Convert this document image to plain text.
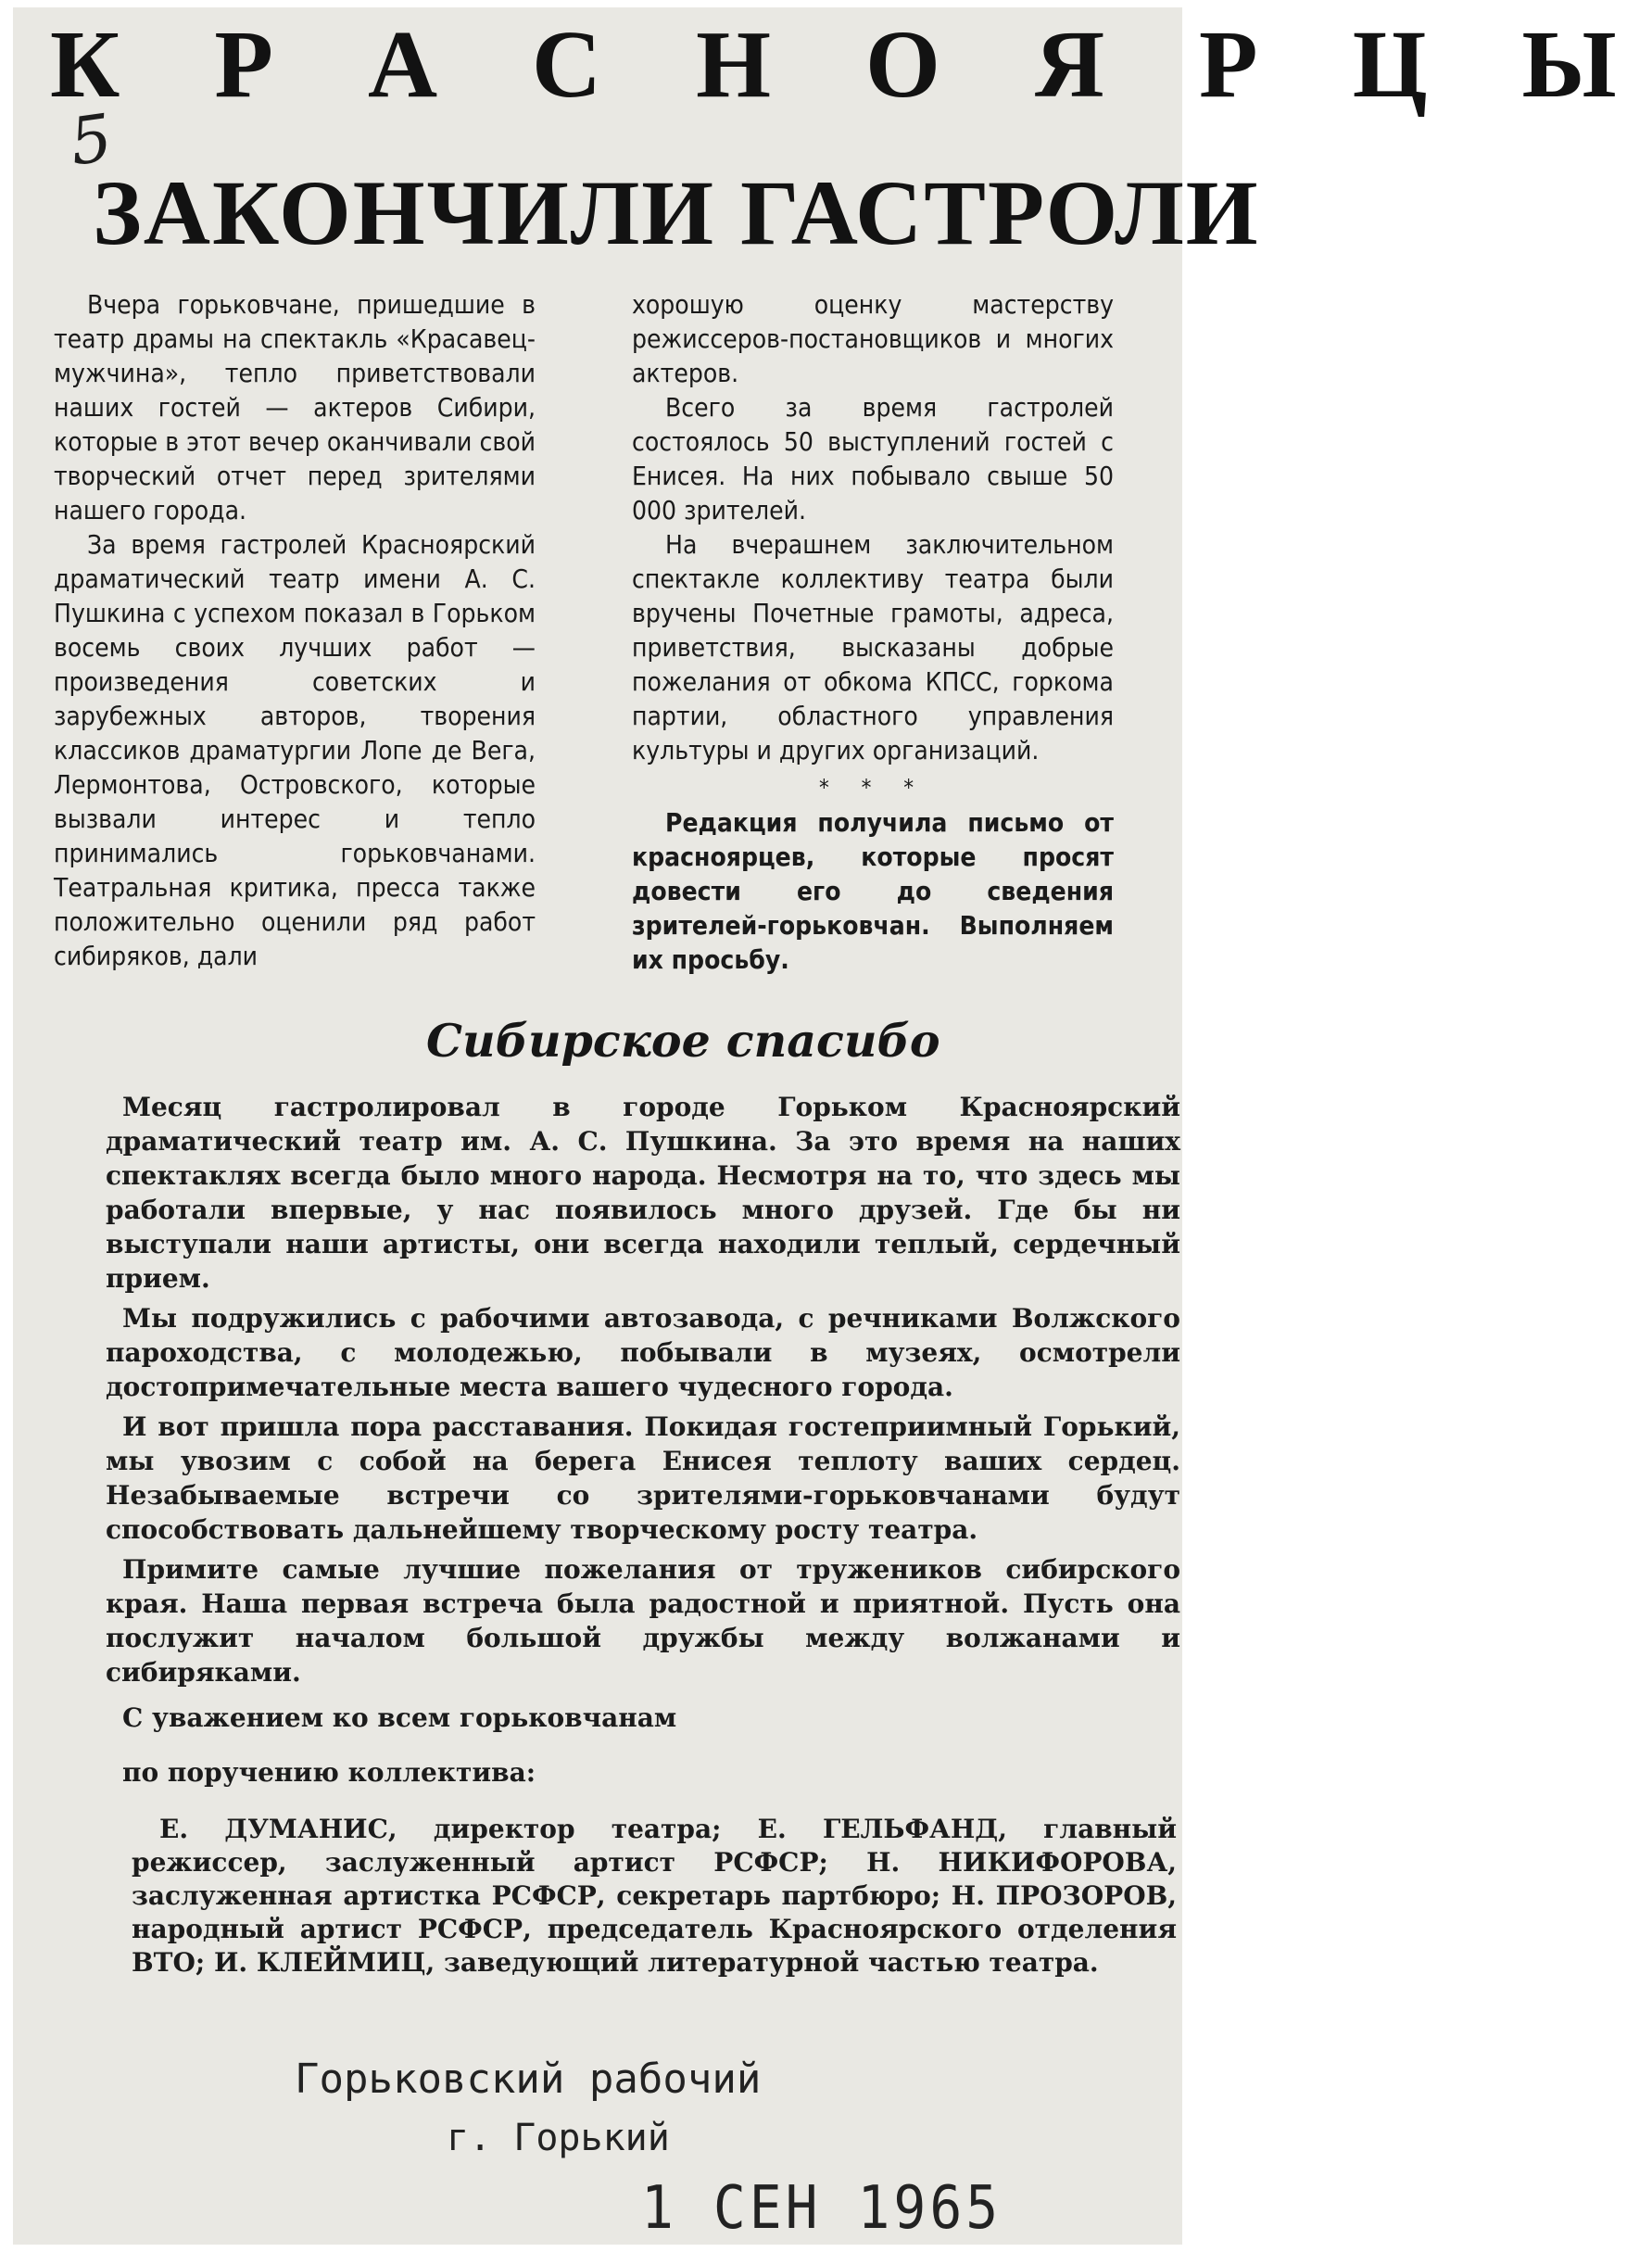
5
К Р А С Н О Я Р Ц Ы
ЗАКОНЧИЛИ ГАСТРОЛИ

Вчера горьковчане, пришедшие в театр драмы на спектакль «Красавец-мужчина», тепло приветствовали наших гостей — актеров Сибири, которые в этот вечер оканчивали свой творческий отчет перед зрителями нашего города.

За время гастролей Красноярский драматический театр имени А. С. Пушкина с успехом показал в Горьком восемь своих лучших работ — произведения советских и зарубежных авторов, творения классиков драматургии Лопе де Вега, Лермонтова, Островского, которые вызвали интерес и тепло принимались горьковчанами. Театральная критика, пресса также положительно оценили ряд работ сибиряков, дали

хорошую оценку мастерству режиссеров-постановщиков и многих актеров.

Всего за время гастролей состоялось 50 выступлений гостей с Енисея. На них побывало свыше 50 000 зрителей.

На вчерашнем заключительном спектакле коллективу театра были вручены Почетные грамоты, адреса, приветствия, высказаны добрые пожелания от обкома КПСС, горкома партии, областного управления культуры и других организаций.

* * *

Редакция получила письмо от красноярцев, которые просят довести его до сведения зрителей-горьковчан. Выполняем их просьбу.

Сибирское спасибо

Месяц гастролировал в городе Горьком Красноярский драматический театр им. А. С. Пушкина. За это время на наших спектаклях всегда было много народа. Несмотря на то, что здесь мы работали впервые, у нас появилось много друзей. Где бы ни выступали наши артисты, они всегда находили теплый, сердечный прием.

Мы подружились с рабочими автозавода, с речниками Волжского пароходства, с молодежью, побывали в музеях, осмотрели достопримечательные места вашего чудесного города.

И вот пришла пора расставания. Покидая гостеприимный Горький, мы увозим с собой на берега Енисея теплоту ваших сердец. Незабываемые встречи со зрителями-горьковчанами будут способствовать дальнейшему творческому росту театра.

Примите самые лучшие пожелания от тружеников сибирского края. Наша первая встреча была радостной и приятной. Пусть она послужит началом большой дружбы между волжанами и сибиряками.

С уважением ко всем горьковчанам

по поручению коллектива:

Е. ДУМАНИС, директор театра; Е. ГЕЛЬФАНД, главный режиссер, заслуженный артист РСФСР; Н. НИКИФОРОВА, заслуженная артистка РСФСР, секретарь партбюро; Н. ПРОЗОРОВ, народный артист РСФСР, председатель Красноярского отделения ВТО; И. КЛЕЙМИЦ, заведующий литературной частью театра.

Горьковский рабочий
г. Горький
1 СЕН 1965
